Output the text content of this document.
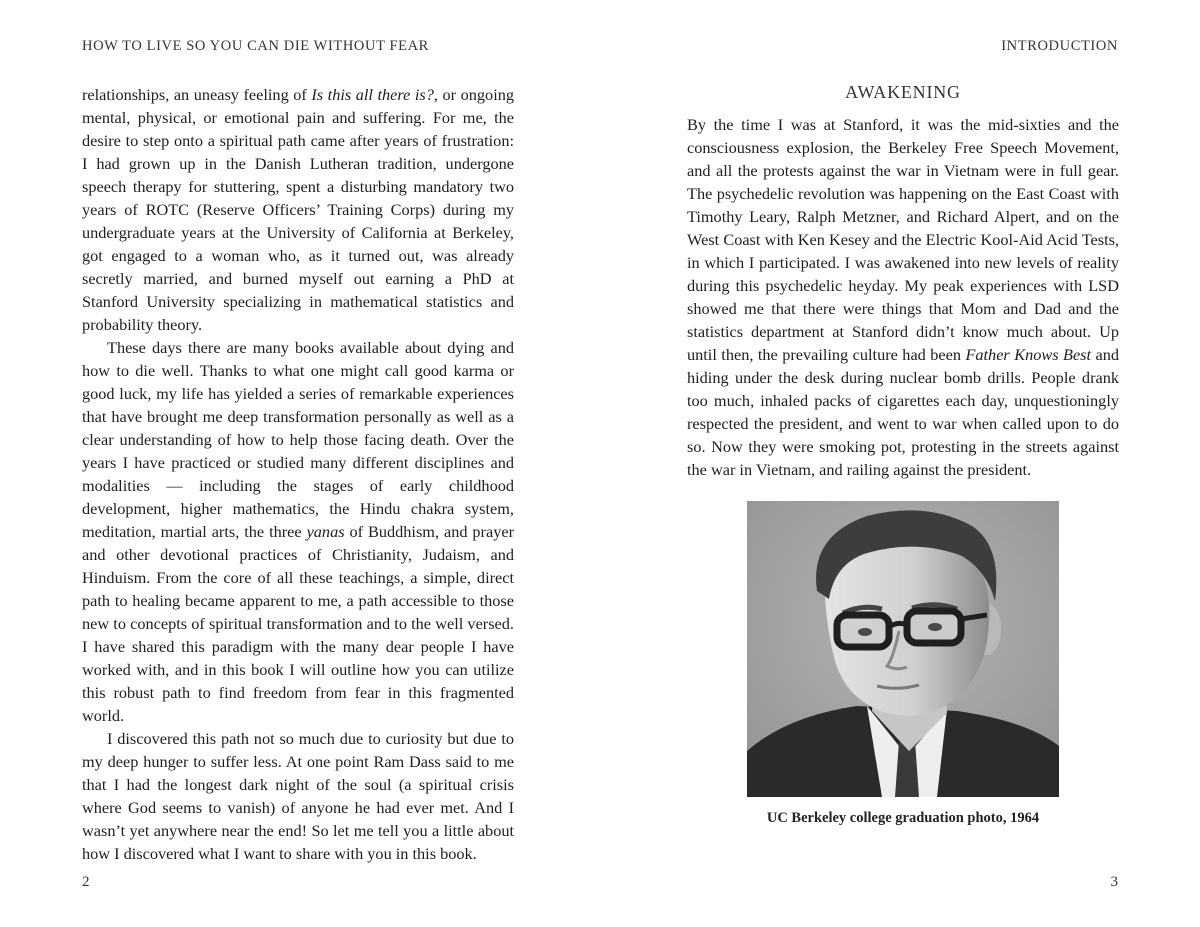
HOW TO LIVE SO YOU CAN DIE WITHOUT FEAR

relationships, an uneasy feeling of Is this all there is?, or ongoing mental, physical, or emotional pain and suffering. For me, the desire to step onto a spiritual path came after years of frustration: I had grown up in the Danish Lutheran tradition, undergone speech therapy for stuttering, spent a disturbing mandatory two years of ROTC (Reserve Officers’ Training Corps) during my undergraduate years at the University of California at Berkeley, got engaged to a woman who, as it turned out, was already secretly married, and burned myself out earning a PhD at Stanford University specializing in mathematical statistics and probability theory.

These days there are many books available about dying and how to die well. Thanks to what one might call good karma or good luck, my life has yielded a series of remarkable experiences that have brought me deep transformation personally as well as a clear understanding of how to help those facing death. Over the years I have practiced or studied many different disciplines and modalities — including the stages of early childhood development, higher mathematics, the Hindu chakra system, meditation, martial arts, the three yanas of Buddhism, and prayer and other devotional practices of Christianity, Judaism, and Hinduism. From the core of all these teachings, a simple, direct path to healing became apparent to me, a path accessible to those new to concepts of spiritual transformation and to the well versed. I have shared this paradigm with the many dear people I have worked with, and in this book I will outline how you can utilize this robust path to find freedom from fear in this fragmented world.

I discovered this path not so much due to curiosity but due to my deep hunger to suffer less. At one point Ram Dass said to me that I had the longest dark night of the soul (a spiritual crisis where God seems to vanish) of anyone he had ever met. And I wasn’t yet anywhere near the end! So let me tell you a little about how I discovered what I want to share with you in this book.

2
INTRODUCTION
3
AWAKENING

By the time I was at Stanford, it was the mid-sixties and the consciousness explosion, the Berkeley Free Speech Movement, and all the protests against the war in Vietnam were in full gear. The psychedelic revolution was happening on the East Coast with Timothy Leary, Ralph Metzner, and Richard Alpert, and on the West Coast with Ken Kesey and the Electric Kool-Aid Acid Tests, in which I participated. I was awakened into new levels of reality during this psychedelic heyday. My peak experiences with LSD showed me that there were things that Mom and Dad and the statistics department at Stanford didn’t know much about. Up until then, the prevailing culture had been Father Knows Best and hiding under the desk during nuclear bomb drills. People drank too much, inhaled packs of cigarettes each day, unquestioningly respected the president, and went to war when called upon to do so. Now they were smoking pot, protesting in the streets against the war in Vietnam, and railing against the president.

UC Berkeley college graduation photo, 1964
